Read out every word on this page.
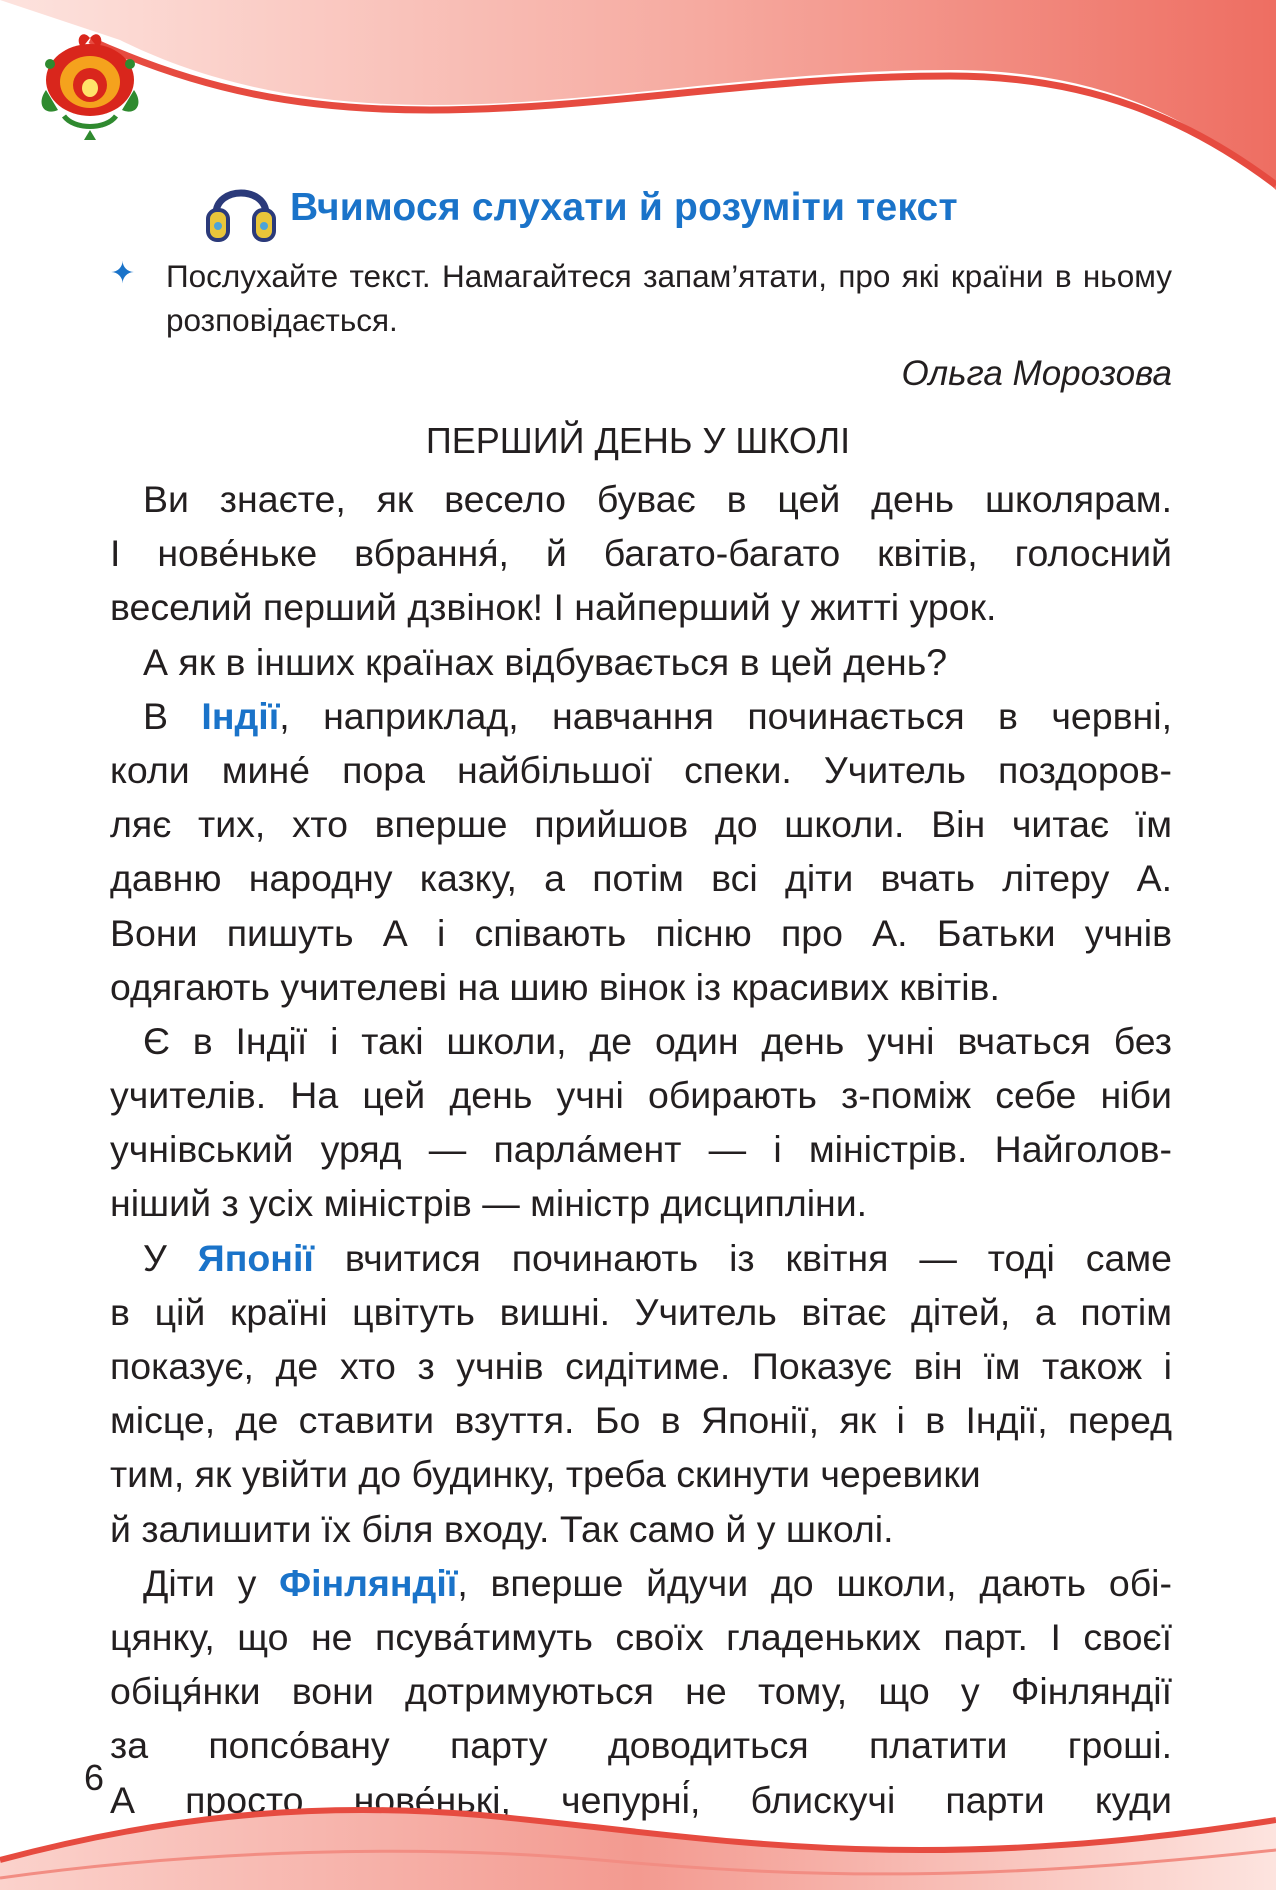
Вчимося слухати й розуміти текст
✦ Послухайте текст. Намагайтеся запам’ятати, про які країни в ньому розповідається.
Ольга Морозова
ПЕРШИЙ ДЕНЬ У ШКОЛІ
Ви знаєте, як весело буває в цей день школярам.
І нове́ньке вбрання́, й багато-багато квітів, голосний
веселий перший дзвінок! І найперший у житті урок.
А як в інших країнах відбувається в цей день?
В Індії, наприклад, навчання починається в червні,
коли мине́ пора найбільшої спеки. Учитель поздоров-
ляє тих, хто вперше прийшов до школи. Він читає їм
давню народну казку, а потім всі діти вчать літеру А.
Вони пишуть А і співають пісню про А. Батьки учнів
одягають учителеві на шию вінок із красивих квітів.
Є в Індії і такі школи, де один день учні вчаться без
учителів. На цей день учні обирають з-поміж себе ніби
учнівський уряд — парла́мент — і міністрів. Найголов-
ніший з усіх міністрів — міністр дисципліни.
У Японії вчитися починають із квітня — тоді саме
в цій країні цвітуть вишні. Учитель вітає дітей, а потім
показує, де хто з учнів сидітиме. Показує він їм також і
місце, де ставити взуття. Бо в Японії, як і в Індії, перед
тим, як увійти до будинку, треба скинути черевики
й залишити їх біля входу. Так само й у школі.
Діти у Фінляндії, вперше йдучи до школи, дають обі-
цянку, що не псува́тимуть своїх гладеньких парт. І своєї
обіця́нки вони дотримуються не тому, що у Фінляндії
за попсо́вану парту доводиться платити гроші.
А просто нове́нькі, чепурні́, блискучі парти куди
6
